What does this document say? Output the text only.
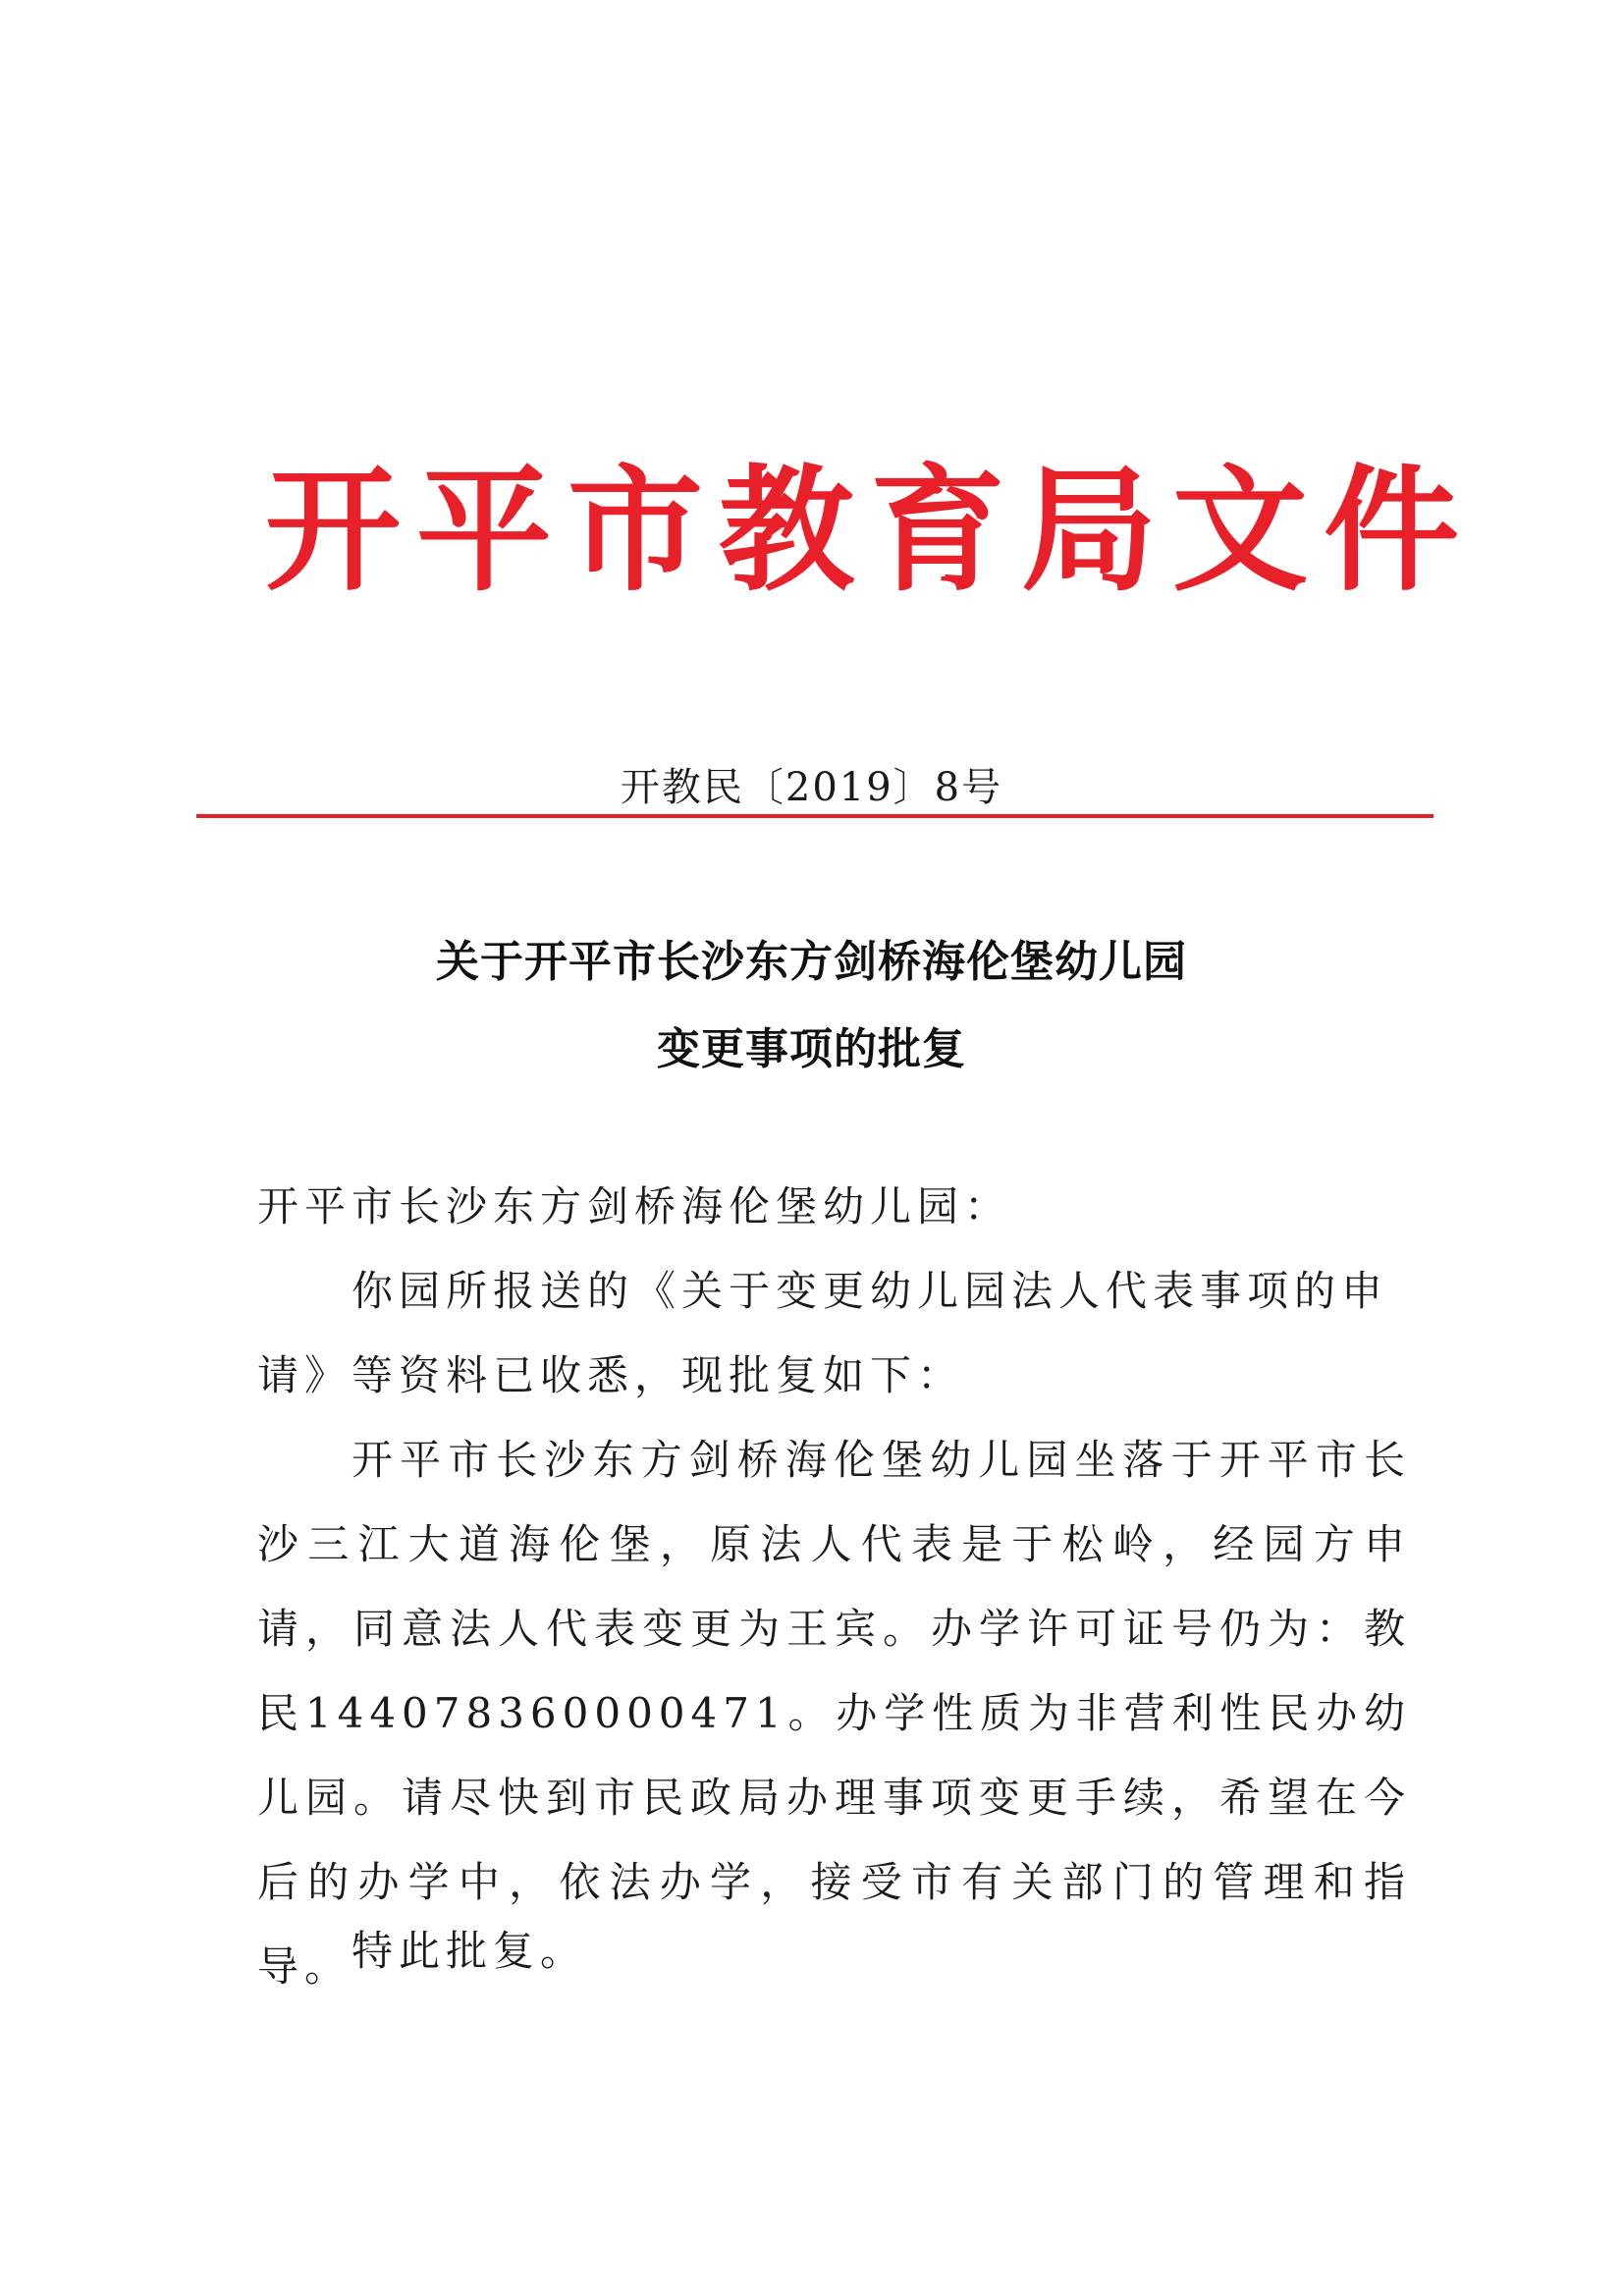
开平市教育局文件
开教民〔2019〕8号
关于开平市长沙东方剑桥海伦堡幼儿园
变更事项的批复

开平市长沙东方剑桥海伦堡幼儿园：

你园所报送的《关于变更幼儿园法人代表事项的申请》等资料已收悉，现批复如下：

开平市长沙东方剑桥海伦堡幼儿园坐落于开平市长沙三江大道海伦堡，原法人代表是于松岭，经园方申请，同意法人代表变更为王宾。办学许可证号仍为：教民144078360000471。办学性质为非营利性民办幼儿园。请尽快到市民政局办理事项变更手续，希望在今后的办学中，依法办学，接受市有关部门的管理和指导。 特此批复。
